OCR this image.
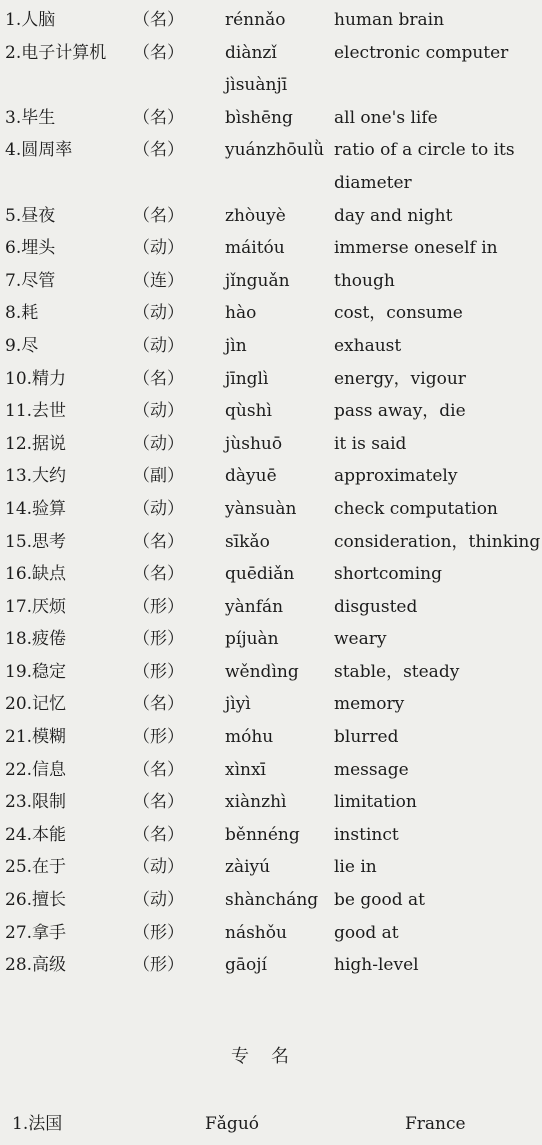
1.人脑	（名） rénnǎo	human brain
2.电子计算机 （名） diànzǐ	electronic computer
jìsuànjī
3.毕生	（名） bìshēng all one's life
4.圆周率	（名） yuánzhōulǜ ratio of a circle to its
diameter
5.昼夜	（名） zhòuyè	day and night
6.埋头	（动） máitóu	immerse oneself in
7.尽管	（连） jǐnguǎn	though
8.耗	（动） hào	cost，consume
9.尽	（动） jìn	exhaust
10.精力	（名） jīnglì	energy，vigour
11.去世	（动） qùshì	pass away，die
12.据说	（动） jùshuō	it is said
13.大约	（副） dàyuē	approximately
14.验算	（动） yànsuàn check computation
15.思考	（名） sīkǎo	consideration，thinking
16.缺点	（名） quēdiǎn shortcoming
17.厌烦	（形） yànfán	disgusted
18.疲倦	（形） píjuàn	weary
19.稳定	（形） wěndìng stable，steady
20.记忆	（名） jìyì	memory
21.模糊	（形） móhu	blurred
22.信息	（名） xìnxī	message
23.限制	（名） xiànzhì	limitation
24.本能	（名） běnnéng instinct
25.在于	（动） zàiyú	lie in
26.擅长	（动） shàncháng be good at
27.拿手	（形） náshǒu	good at
28.高级	（形） gāojí	high-level
专名
1.法国	Fǎguó	France
